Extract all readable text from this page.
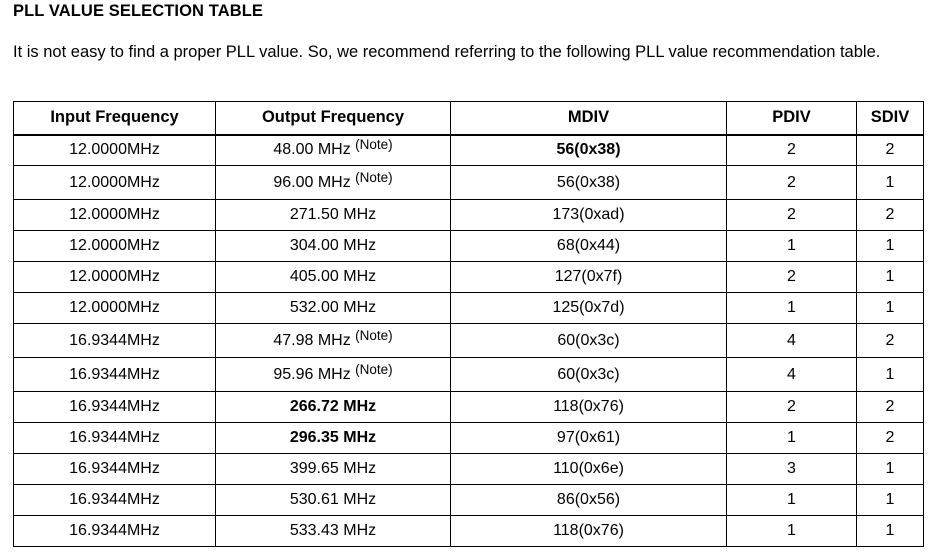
PLL VALUE SELECTION TABLE
It is not easy to find a proper PLL value. So, we recommend referring to the following PLL value recommendation table.
Input Frequency	Output Frequency	MDIV	PDIV	SDIV
12.0000MHz	48.00 MHz $^{(Note)}$	56(0x38)	2	2
12.0000MHz	96.00 MHz $^{(Note)}$	56(0x38)	2	1
12.0000MHz	271.50 MHz	173(0xad)	2	2
12.0000MHz	304.00 MHz	68(0x44)	1	1
12.0000MHz	405.00 MHz	127(0x7f)	2	1
12.0000MHz	532.00 MHz	125(0x7d)	1	1
16.9344MHz	47.98 MHz $^{(Note)}$	60(0x3c)	4	2
16.9344MHz	95.96 MHz $^{(Note)}$	60(0x3c)	4	1
16.9344MHz	266.72 MHz	118(0x76)	2	2
16.9344MHz	296.35 MHz	97(0x61)	1	2
16.9344MHz	399.65 MHz	110(0x6e)	3	1
16.9344MHz	530.61 MHz	86(0x56)	1	1
16.9344MHz	533.43 MHz	118(0x76)	1	1
